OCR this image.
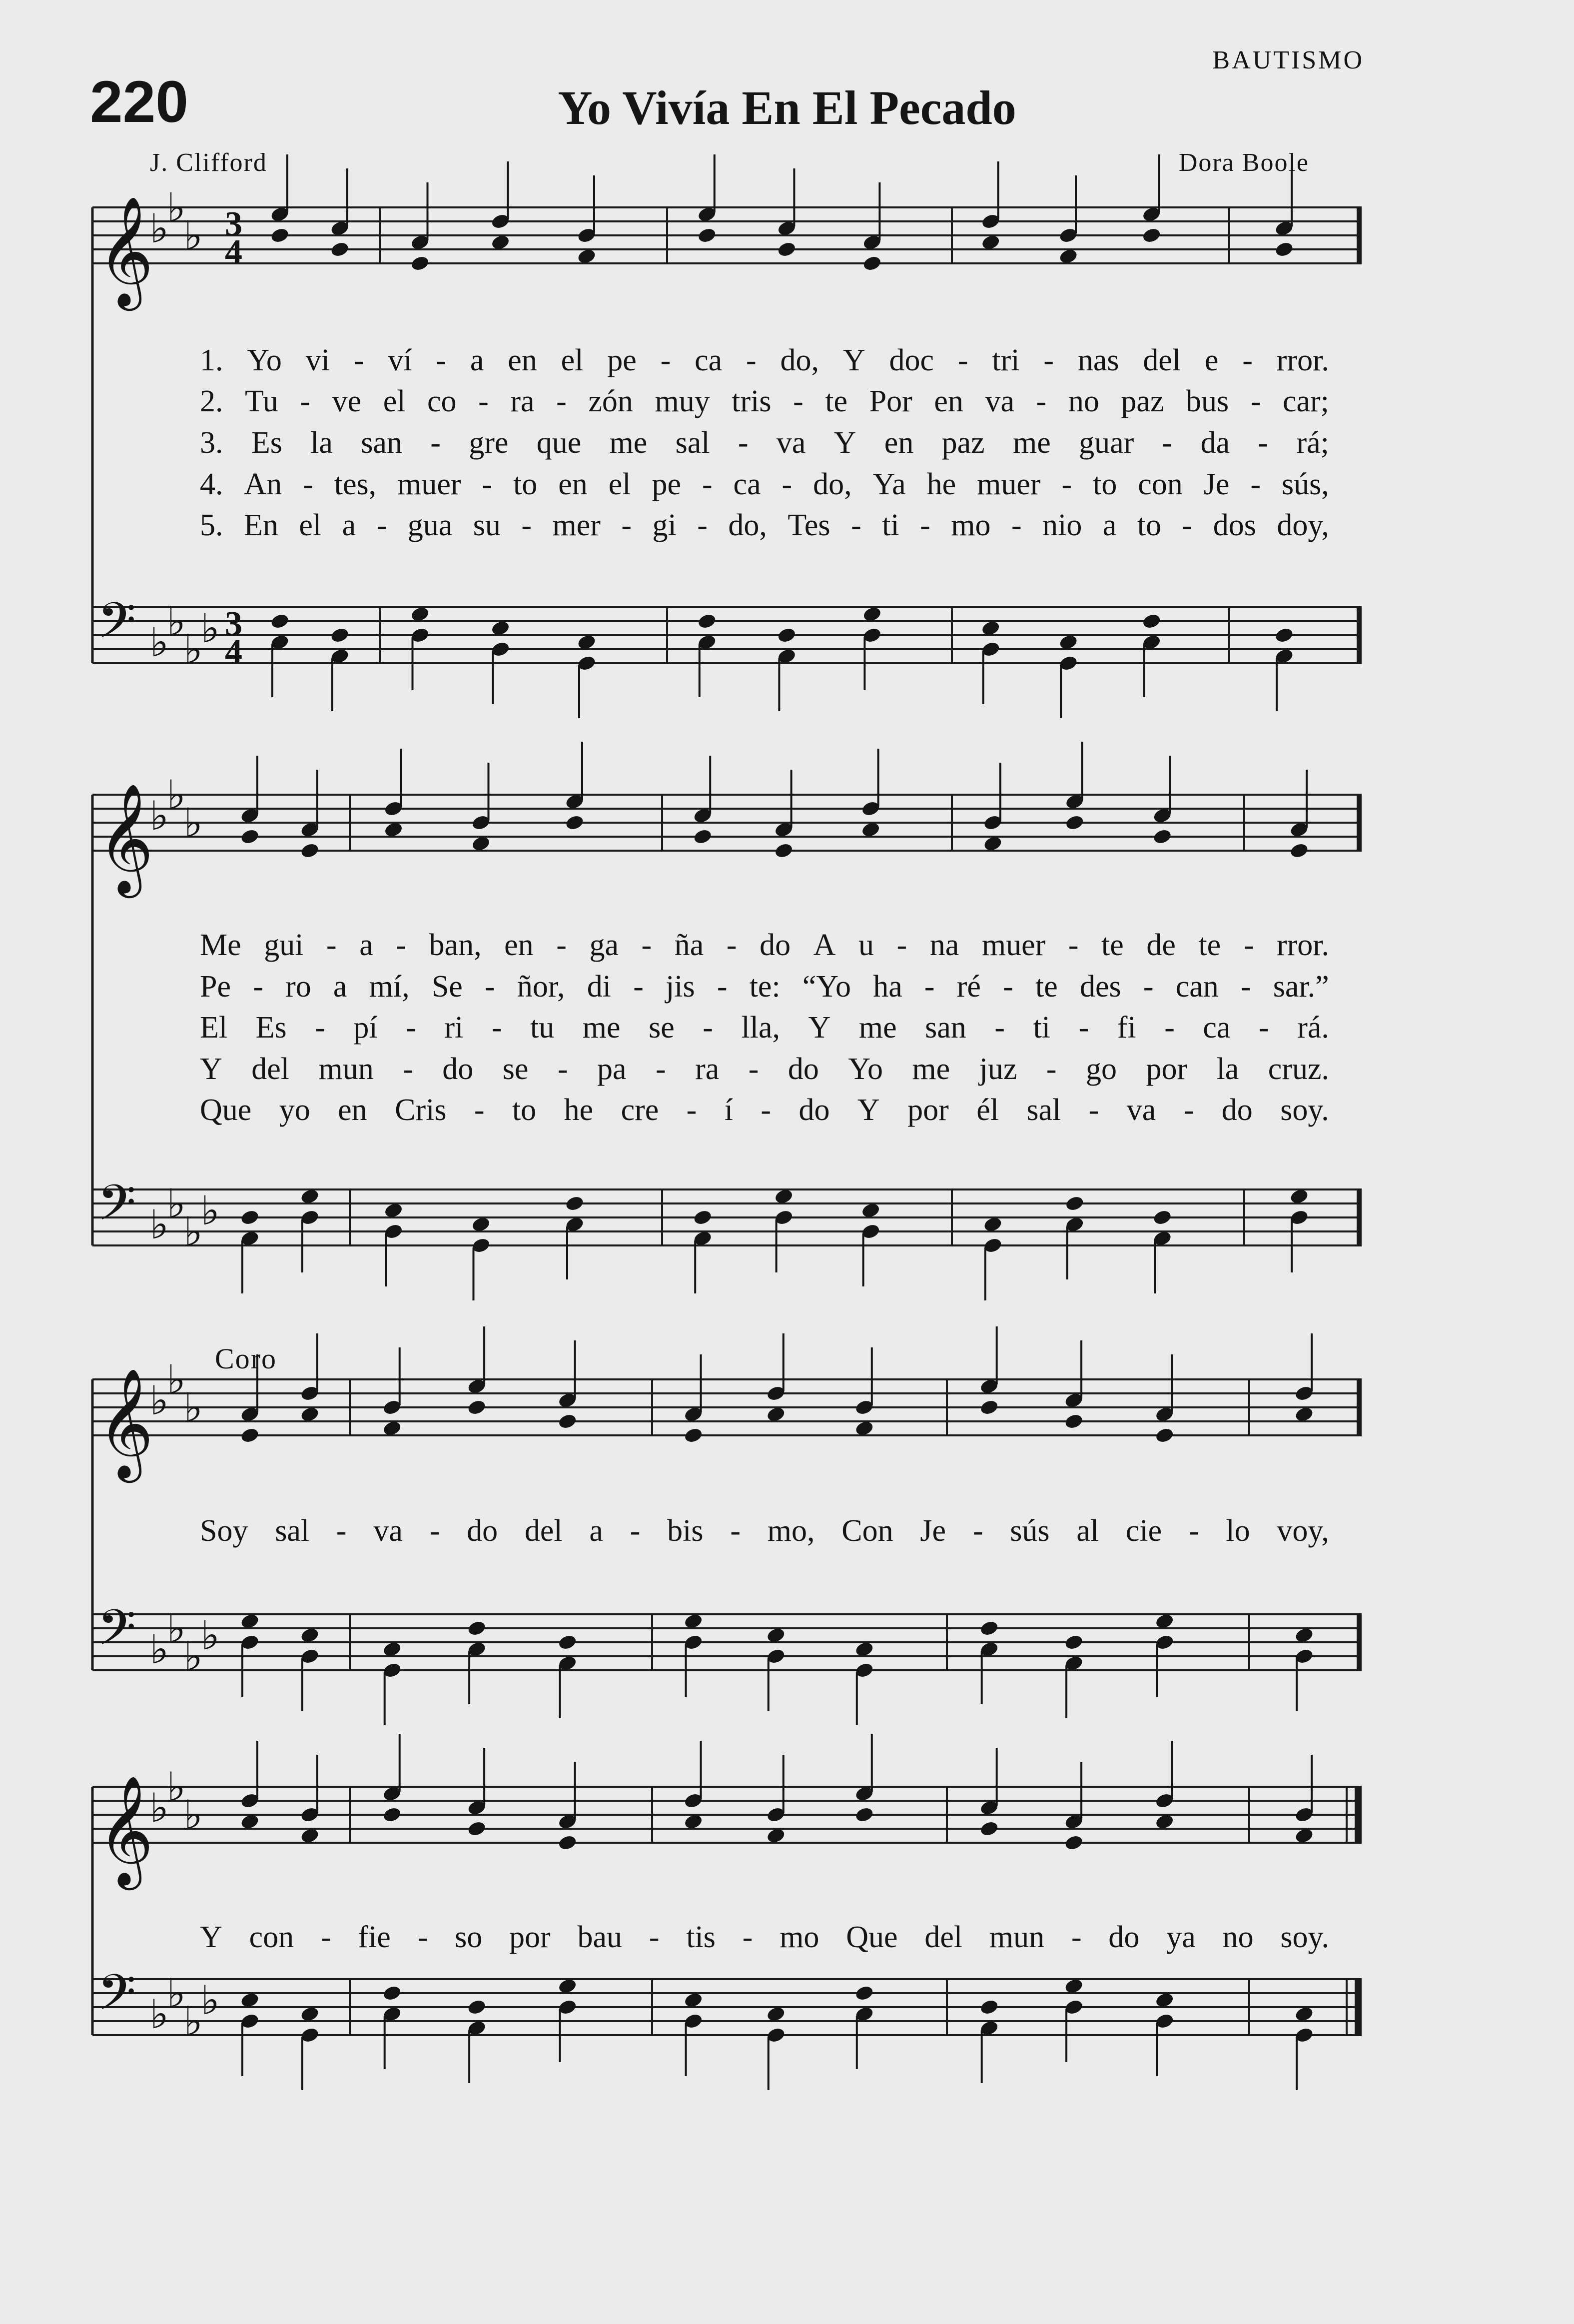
220	Yo Vivía En El Pecado
BAUTISMO
J. Clifford	Dora Boole
Coro
𝄞
♭
♭
♭ 3
4
𝄢 ♭
♭
♭
♭ 3
4
𝄞
♭
♭
♭
𝄢 ♭
♭
♭
♭
𝄞
♭
♭
♭
𝄢 ♭
♭
♭
♭
𝄞
♭
♭
♭
𝄢 ♭
♭
♭
♭
1. Yo vi - ví - a en el pe - ca - do, Y doc - tri - nas del e - rror.
2. Tu - ve el co - ra - zón muy tris - te Por en va - no paz bus - car;
3. Es la san - gre que me sal - va Y en paz me guar - da - rá;
4. An - tes, muer - to en el pe - ca - do, Ya he muer - to con Je - sús,
5. En el a - gua su - mer - gi - do, Tes - ti - mo - nio a to - dos doy,
Me gui - a - ban, en - ga - ña - do A u - na muer - te de te - rror.
Pe - ro a mí, Se - ñor, di - jis - te: “Yo ha - ré - te des - can - sar.”
El Es - pí - ri - tu me se - lla, Y me san - ti - fi - ca - rá.
Y del mun - do se - pa - ra - do Yo me juz - go por la cruz.
Que yo en Cris - to he cre - í - do Y por él sal - va - do soy.
Soy sal - va - do del a - bis - mo, Con Je - sús al cie - lo voy,
Y con - fie - so por bau - tis - mo Que del mun - do ya no soy.
